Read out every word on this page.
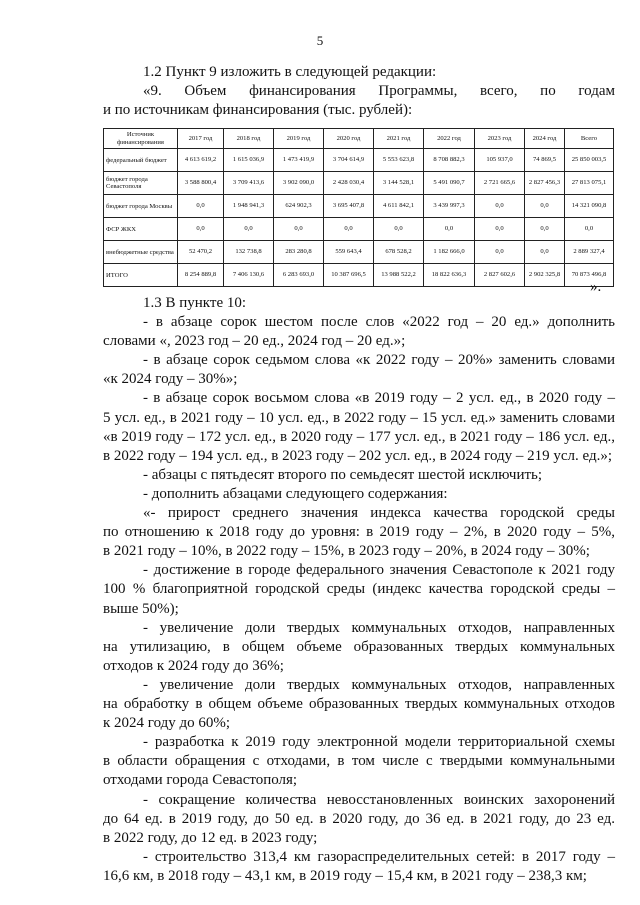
5

1.2 Пункт 9 изложить в следующей редакции:

«9. Объем финансирования Программы, всего, по годам

и по источникам финансирования (тыс. рублей):

Источник финансирования	2017 год	2018 год	2019 год	2020 год	2021 год	2022 год	2023 год	2024 год	Всего
федеральный бюджет	4 613 619,2	1 615 036,9	1 473 419,9	3 704 614,9	5 553 623,8	8 708 882,3	105 937,0	74 869,5	25 850 003,5
бюджет города Севастополя	3 588 800,4	3 709 413,6	3 902 090,0	2 428 030,4	3 144 528,1	5 491 090,7	2 721 665,6	2 827 456,3	27 813 075,1
бюджет города Москвы	0,0	1 948 941,3	624 902,3	3 695 407,8	4 611 842,1	3 439 997,3	0,0	0,0	14 321 090,8
ФСР ЖКХ	0,0	0,0	0,0	0,0	0,0	0,0	0,0	0,0	0,0
внебюджетные средства	52 470,2	132 738,8	283 280,8	559 643,4	678 528,2	1 182 666,0	0,0	0,0	2 889 327,4
ИТОГО	8 254 889,8	7 406 130,6	6 283 693,0	10 387 696,5	13 988 522,2	18 822 636,3	2 827 602,6	2 902 325,8	70 873 496,8
».

1.3 В пункте 10:

- в абзаце сорок шестом после слов «2022 год – 20 ед.» дополнить

словами «, 2023 год – 20 ед., 2024 год – 20 ед.»;

- в абзаце сорок седьмом слова «к 2022 году – 20%» заменить словами

«к 2024 году – 30%»;

- в абзаце сорок восьмом слова «в 2019 году – 2 усл. ед., в 2020 году –

5 усл. ед., в 2021 году – 10 усл. ед., в 2022 году – 15 усл. ед.» заменить словами

«в 2019 году – 172 усл. ед., в 2020 году – 177 усл. ед., в 2021 году – 186 усл. ед.,

в 2022 году – 194 усл. ед., в 2023 году – 202 усл. ед., в 2024 году – 219 усл. ед.»;

- абзацы с пятьдесят второго по семьдесят шестой исключить;

- дополнить абзацами следующего содержания:

«- прирост среднего значения индекса качества городской среды

по отношению к 2018 году до уровня: в 2019 году – 2%, в 2020 году – 5%,

в 2021 году – 10%, в 2022 году – 15%, в 2023 году – 20%, в 2024 году – 30%;

- достижение в городе федерального значения Севастополе к 2021 году

100 % благоприятной городской среды (индекс качества городской среды –

выше 50%);

- увеличение доли твердых коммунальных отходов, направленных

на утилизацию, в общем объеме образованных твердых коммунальных

отходов к 2024 году до 36%;

- увеличение доли твердых коммунальных отходов, направленных

на обработку в общем объеме образованных твердых коммунальных отходов

к 2024 году до 60%;

- разработка к 2019 году электронной модели территориальной схемы

в области обращения с отходами, в том числе с твердыми коммунальными

отходами города Севастополя;

- сокращение количества невосстановленных воинских захоронений

до 64 ед. в 2019 году, до 50 ед. в 2020 году, до 36 ед. в 2021 году, до 23 ед.

в 2022 году, до 12 ед. в 2023 году;

- строительство 313,4 км газораспределительных сетей: в 2017 году –

16,6 км, в 2018 году – 43,1 км, в 2019 году – 15,4 км, в 2021 году – 238,3 км;
